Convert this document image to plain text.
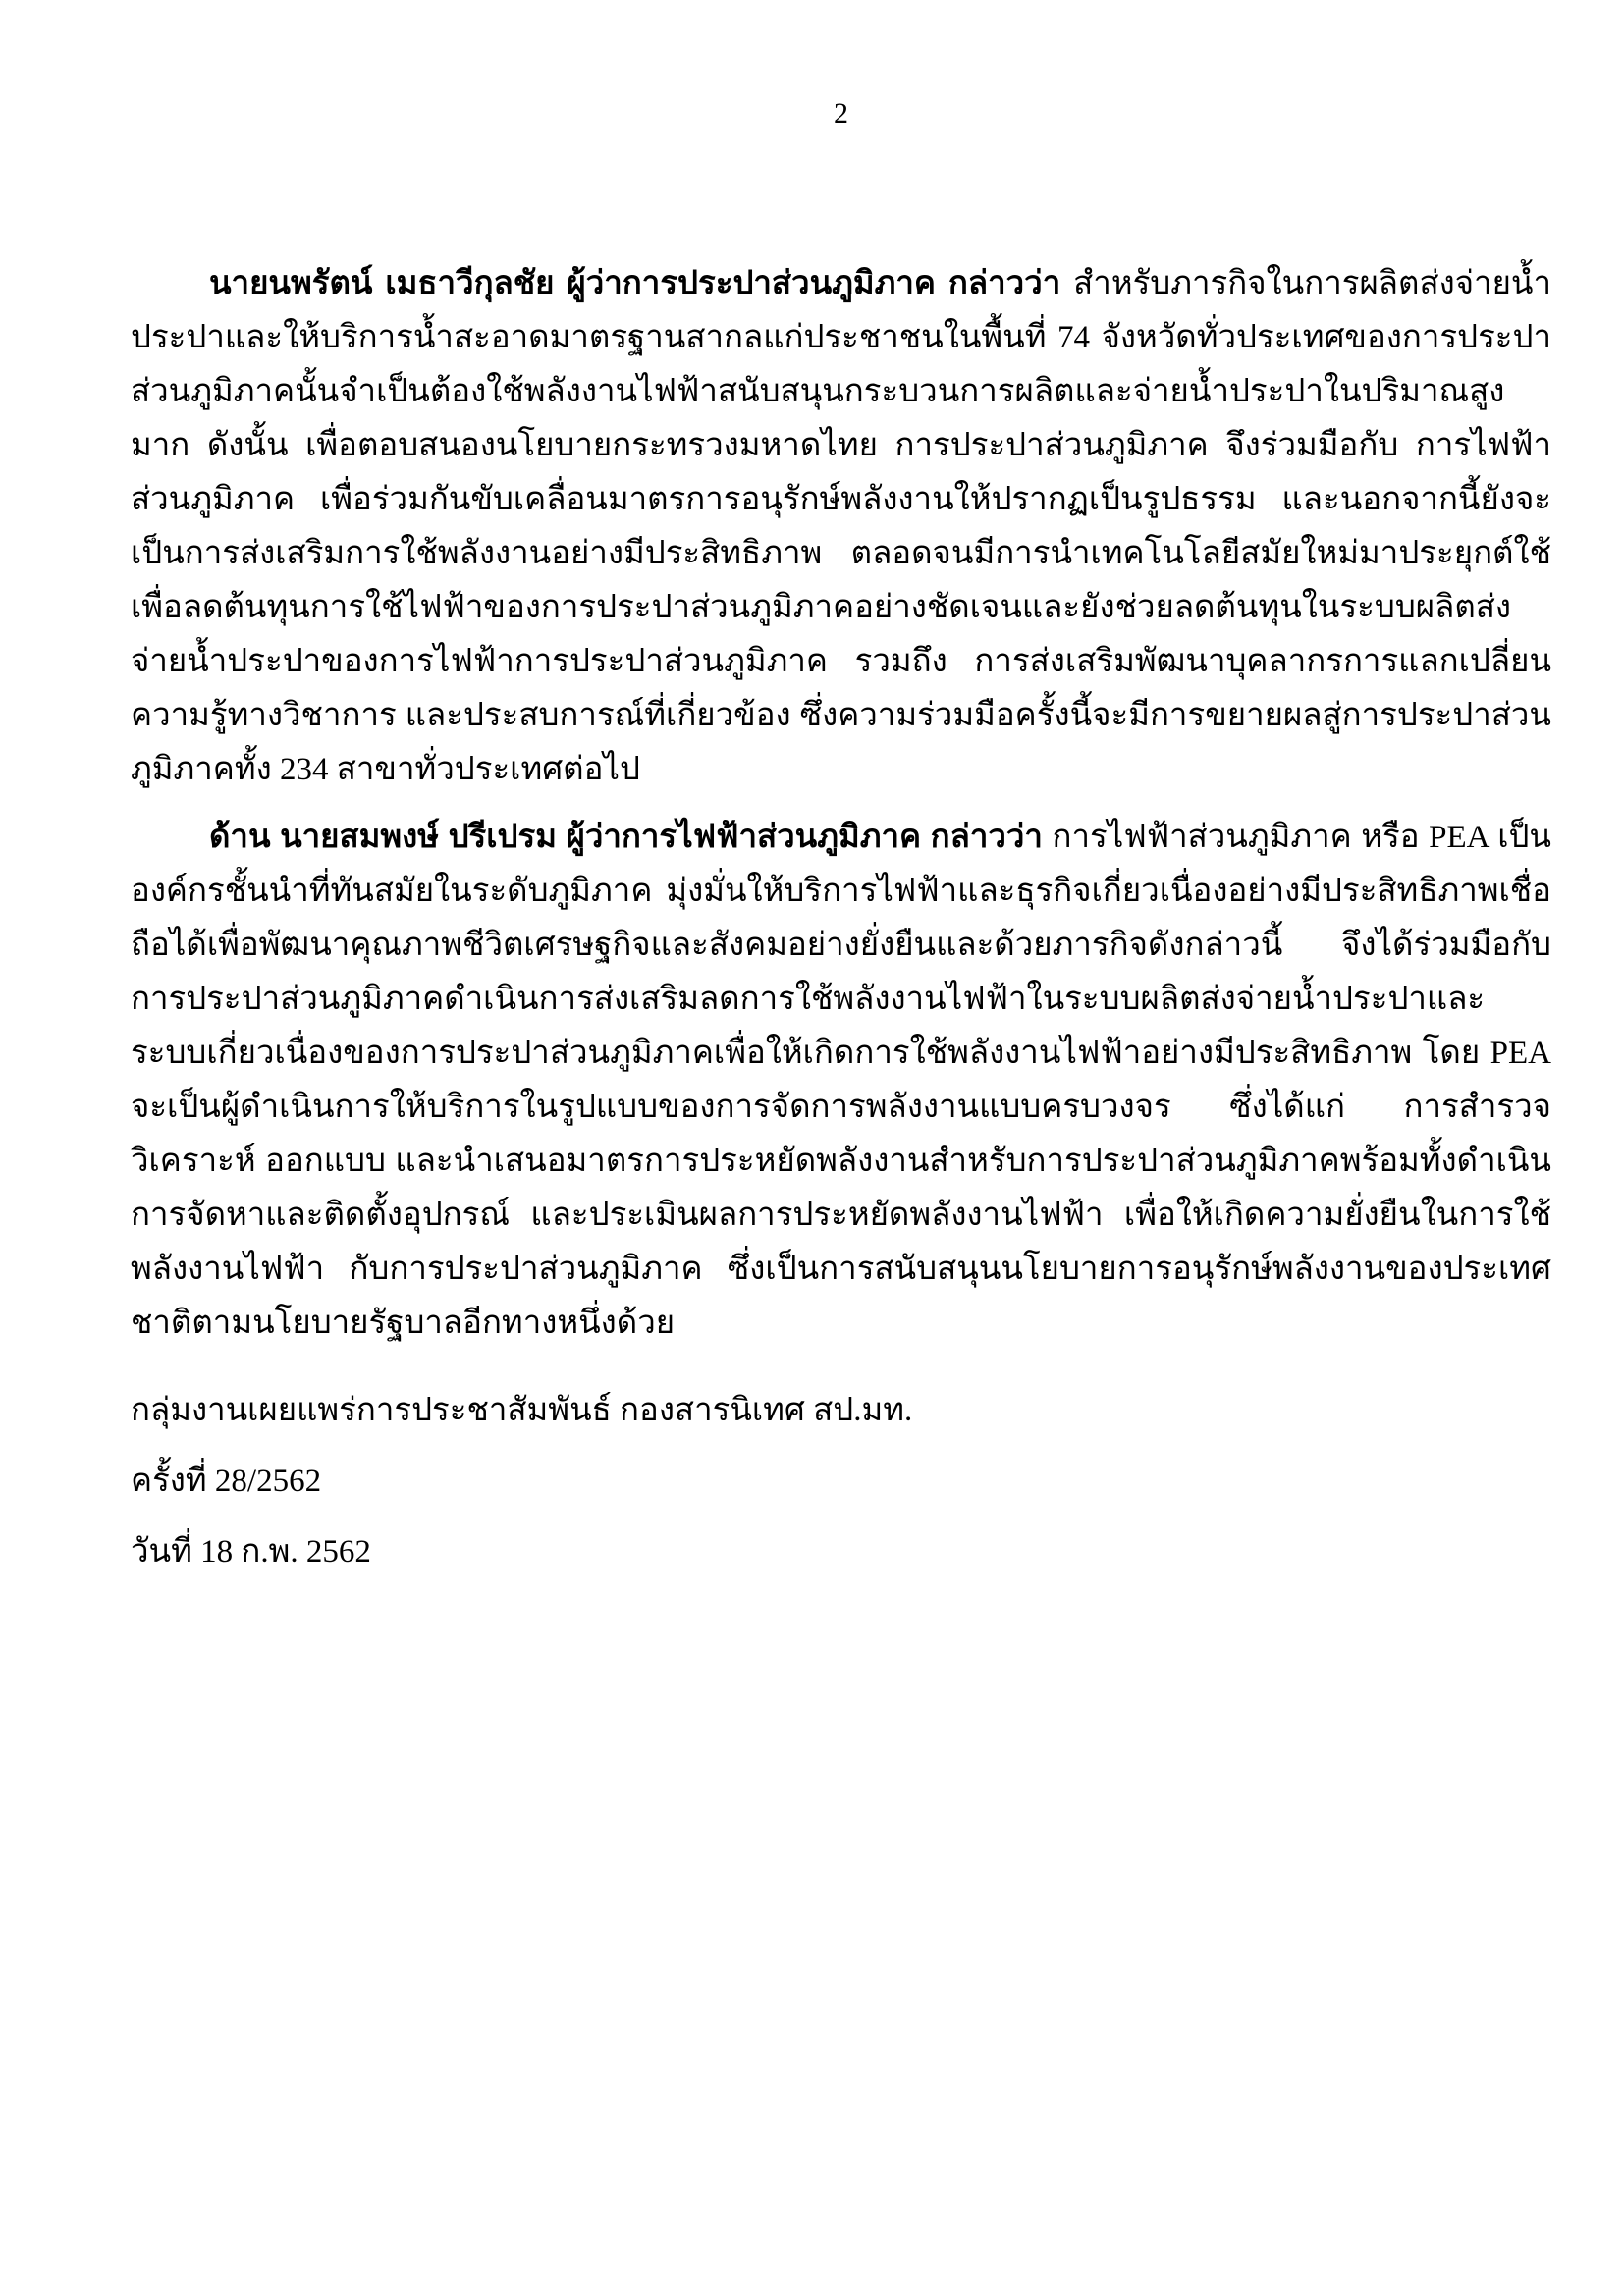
2

นายนพรัตน์ เมธาวีกุลชัย ผู้ว่าการประปาส่วนภูมิภาค กล่าวว่า สำหรับภารกิจในการผลิตส่งจ่ายน้ำประปาและให้บริการน้ำสะอาดมาตรฐานสากลแก่ประชาชนในพื้นที่ 74 จังหวัดทั่วประเทศของการประปาส่วนภูมิภาคนั้นจำเป็นต้องใช้พลังงานไฟฟ้าสนับสนุนกระบวนการผลิตและจ่ายน้ำประปาในปริมาณสูงมาก ดังนั้น เพื่อตอบสนองนโยบายกระทรวงมหาดไทย การประปาส่วนภูมิภาค จึงร่วมมือกับ การไฟฟ้าส่วนภูมิภาค เพื่อร่วมกันขับเคลื่อนมาตรการอนุรักษ์พลังงานให้ปรากฏเป็นรูปธรรม และนอกจากนี้ยังจะเป็นการส่งเสริมการใช้พลังงานอย่างมีประสิทธิภาพ ตลอดจนมีการนำเทคโนโลยีสมัยใหม่มาประยุกต์ใช้เพื่อลดต้นทุนการใช้ไฟฟ้าของการประปาส่วนภูมิภาคอย่างชัดเจนและยังช่วยลดต้นทุนในระบบผลิตส่งจ่ายน้ำประปาของการไฟฟ้าการประปาส่วนภูมิภาค รวมถึง การส่งเสริมพัฒนาบุคลากรการแลกเปลี่ยนความรู้ทางวิชาการ และประสบการณ์ที่เกี่ยวข้อง ซึ่งความร่วมมือครั้งนี้จะมีการขยายผลสู่การประปาส่วนภูมิภาคทั้ง 234 สาขาทั่วประเทศต่อไป

ด้าน นายสมพงษ์ ปรีเปรม ผู้ว่าการไฟฟ้าส่วนภูมิภาค กล่าวว่า การไฟฟ้าส่วนภูมิภาค หรือ PEA เป็นองค์กรชั้นนำที่ทันสมัยในระดับภูมิภาค มุ่งมั่นให้บริการไฟฟ้าและธุรกิจเกี่ยวเนื่องอย่างมีประสิทธิภาพเชื่อถือได้เพื่อพัฒนาคุณภาพชีวิตเศรษฐกิจและสังคมอย่างยั่งยืนและด้วยภารกิจดังกล่าวนี้ จึงได้ร่วมมือกับการประปาส่วนภูมิภาคดำเนินการส่งเสริมลดการใช้พลังงานไฟฟ้าในระบบผลิตส่งจ่ายน้ำประปาและระบบเกี่ยวเนื่องของการประปาส่วนภูมิภาคเพื่อให้เกิดการใช้พลังงานไฟฟ้าอย่างมีประสิทธิภาพ โดย PEA จะเป็นผู้ดำเนินการให้บริการในรูปแบบของการจัดการพลังงานแบบครบวงจร ซึ่งได้แก่ การสำรวจ วิเคราะห์ ออกแบบ และนำเสนอมาตรการประหยัดพลังงานสำหรับการประปาส่วนภูมิภาคพร้อมทั้งดำเนินการจัดหาและติดตั้งอุปกรณ์ และประเมินผลการประหยัดพลังงานไฟฟ้า เพื่อให้เกิดความยั่งยืนในการใช้พลังงานไฟฟ้า กับการประปาส่วนภูมิภาค ซึ่งเป็นการสนับสนุนนโยบายการอนุรักษ์พลังงานของประเทศชาติตามนโยบายรัฐบาลอีกทางหนึ่งด้วย

กลุ่มงานเผยแพร่การประชาสัมพันธ์ กองสารนิเทศ สป.มท.

ครั้งที่ 28/2562

วันที่ 18 ก.พ. 2562
